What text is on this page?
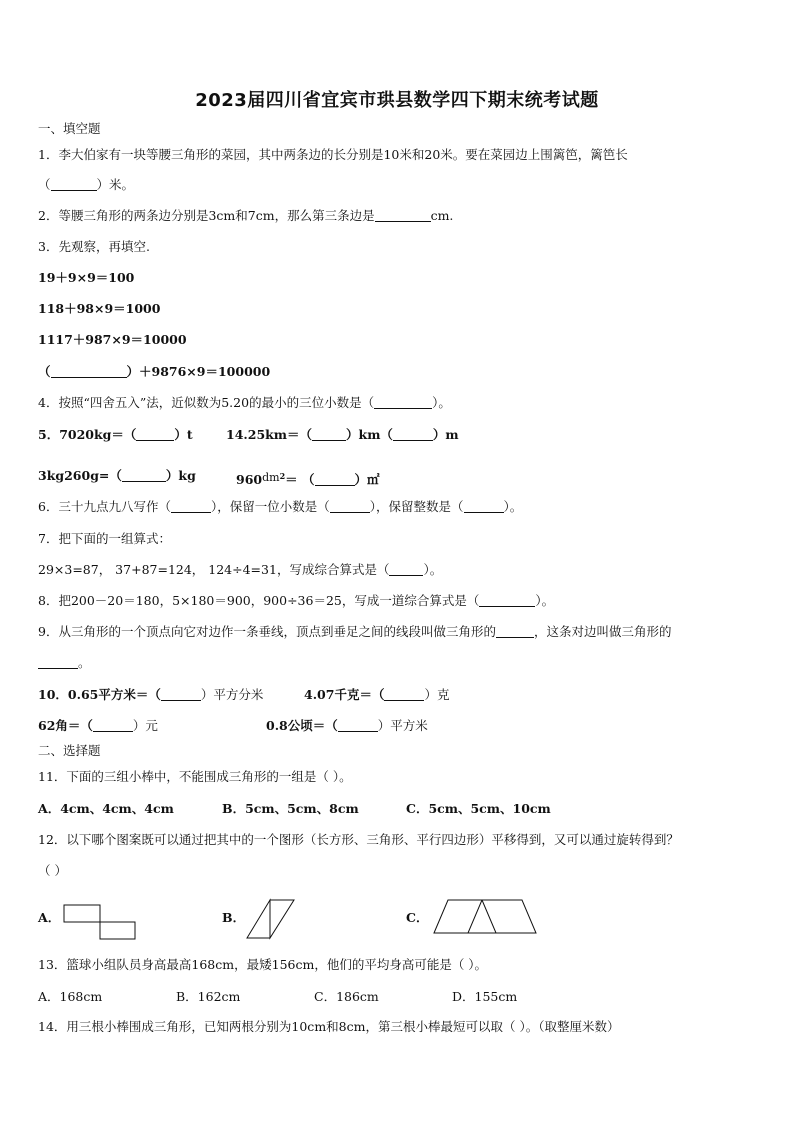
2023届四川省宜宾市珙县数学四下期末统考试题
一、填空题
1．李大伯家有一块等腰三角形的菜园，其中两条边的长分别是10米和20米。要在菜园边上围篱笆，篱笆长
（	）米。
2．等腰三角形的两条边分别是3cm和7cm，那么第三条边是	cm.
3．先观察，再填空.
19＋9×9＝100
118＋98×9＝1000
1117＋987×9＝10000
（	）＋9876×9＝100000
4．按照“四舍五入”法，近似数为5.20的最小的三位小数是（	）。
5．7020kg＝（	）t	14.25km＝（	）km（	）m
3kg260g=（	）kg	$960dm^2=$ （	）㎡
6．三十九点九八写作（	），保留一位小数是（	），保留整数是（	）。
7．把下面的一组算式：
29×3=87， 37+87=124， 124÷4=31，写成综合算式是（	）。
8．把200－20＝180，5×180＝900，900÷36＝25，写成一道综合算式是（	）。
9．从三角形的一个顶点向它对边作一条垂线，顶点到垂足之间的线段叫做三角形的	，这条对边叫做三角形的
。
10．0.65平方米＝（	）平方分米	4.07千克＝（	）克
62角＝（	）元	0.8公顷＝（	）平方米
二、选择题
11．下面的三组小棒中，不能围成三角形的一组是（ ）。
A．4cm、4cm、4cm	B．5cm、5cm、8cm	C．5cm、5cm、10cm
12．以下哪个图案既可以通过把其中的一个图形（长方形、三角形、平行四边形）平移得到，又可以通过旋转得到？
（ ）
A．	B．	C．
13．篮球小组队员身高最高168cm，最矮156cm，他们的平均身高可能是（ ）。
A．168cm	B．162cm	C．186cm	D．155cm
14．用三根小棒围成三角形，已知两根分别为10cm和8cm，第三根小棒最短可以取（ ）。（取整厘米数）
